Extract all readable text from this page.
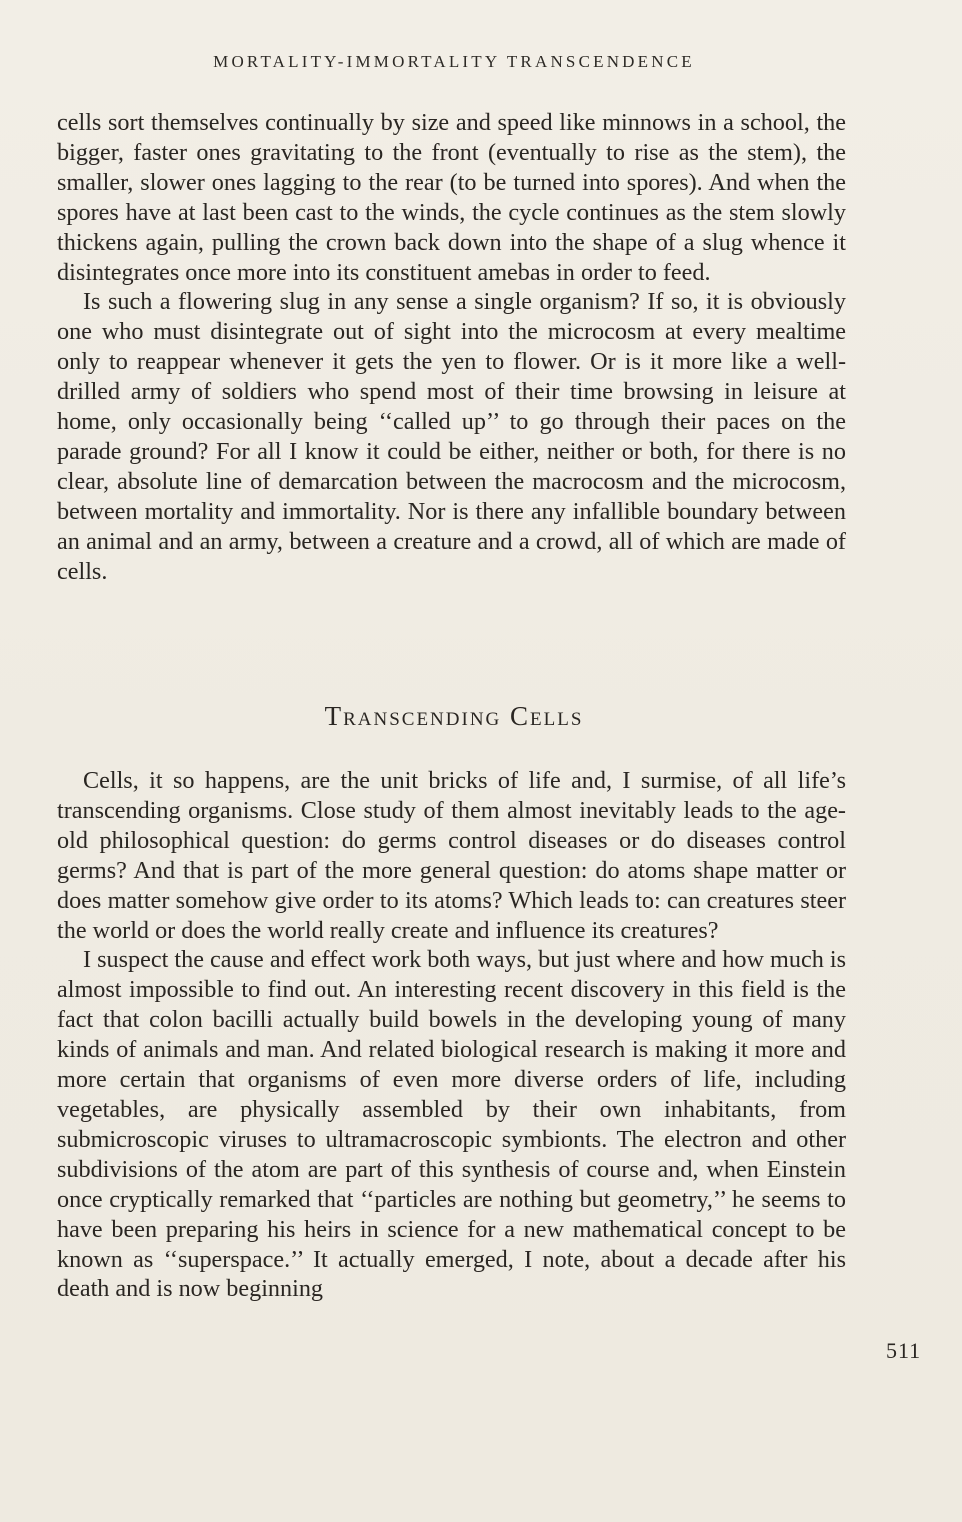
MORTALITY-IMMORTALITY TRANSCENDENCE

cells sort themselves continually by size and speed like minnows in a school, the bigger, faster ones gravitating to the front (eventually to rise as the stem), the smaller, slower ones lagging to the rear (to be turned into spores). And when the spores have at last been cast to the winds, the cycle continues as the stem slowly thickens again, pulling the crown back down into the shape of a slug whence it disintegrates once more into its constituent amebas in order to feed.

Is such a flowering slug in any sense a single organism? If so, it is obviously one who must disintegrate out of sight into the microcosm at every mealtime only to reappear whenever it gets the yen to flower. Or is it more like a well-drilled army of soldiers who spend most of their time browsing in leisure at home, only occasionally being ‘‘called up’’ to go through their paces on the parade ground? For all I know it could be either, neither or both, for there is no clear, absolute line of demarcation between the macrocosm and the microcosm, between mortality and immortality. Nor is there any infallible boundary between an animal and an army, between a creature and a crowd, all of which are made of cells.

Transcending Cells

Cells, it so happens, are the unit bricks of life and, I surmise, of all life’s transcending organisms. Close study of them almost inevitably leads to the age-old philosophical question: do germs control diseases or do diseases control germs? And that is part of the more general question: do atoms shape matter or does matter somehow give order to its atoms? Which leads to: can creatures steer the world or does the world really create and influence its creatures?

I suspect the cause and effect work both ways, but just where and how much is almost impossible to find out. An interesting recent discovery in this field is the fact that colon bacilli actually build bowels in the developing young of many kinds of animals and man. And related biological research is making it more and more certain that organisms of even more diverse orders of life, including vegetables, are physically assembled by their own inhabitants, from submicroscopic viruses to ultramacroscopic symbionts. The electron and other subdivisions of the atom are part of this synthesis of course and, when Einstein once cryptically remarked that ‘‘particles are nothing but geometry,’’ he seems to have been preparing his heirs in science for a new mathematical concept to be known as ‘‘superspace.’’ It actually emerged, I note, about a decade after his death and is now beginning

511
